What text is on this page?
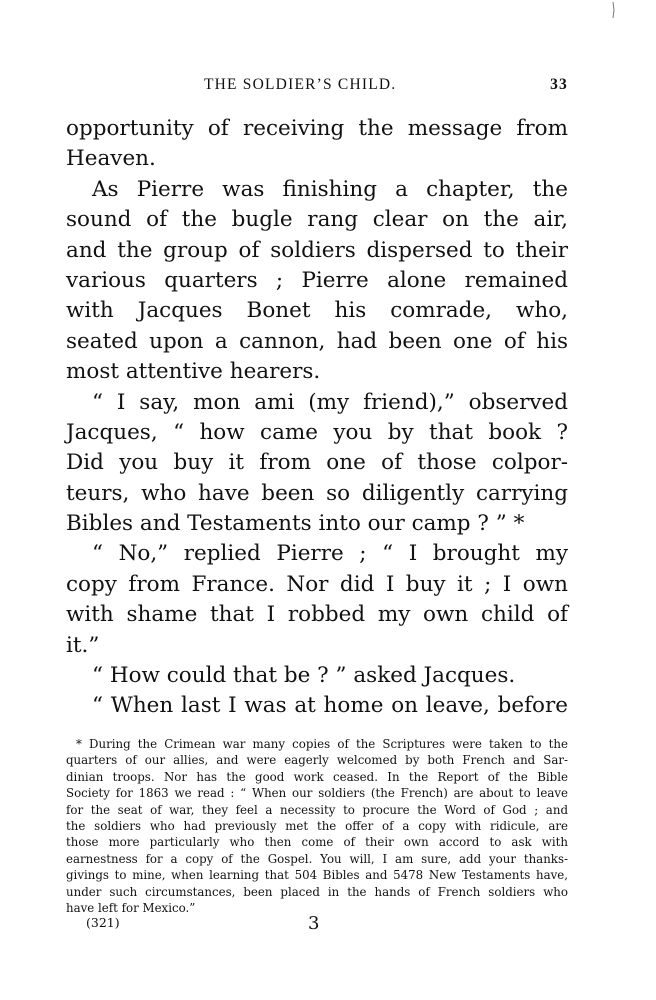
THE SOLDIER’S CHILD.	33
opportunity of receiving the message from
Heaven.
As Pierre was finishing a chapter, the
sound of the bugle rang clear on the air,
and the group of soldiers dispersed to their
various quarters ; Pierre alone remained
with Jacques Bonet his comrade, who,
seated upon a cannon, had been one of his
most attentive hearers.
“ I say, mon ami (my friend),” observed
Jacques, “ how came you by that book ?
Did you buy it from one of those colpor-
teurs, who have been so diligently carrying
Bibles and Testaments into our camp ? ” *
“ No,” replied Pierre ; “ I brought my
copy from France. Nor did I buy it ; I own
with shame that I robbed my own child of
it.”
“ How could that be ? ” asked Jacques.
“ When last I was at home on leave, before
* During the Crimean war many copies of the Scriptures were taken to the
quarters of our allies, and were eagerly welcomed by both French and Sar-
dinian troops. Nor has the good work ceased. In the Report of the Bible
Society for 1863 we read : “ When our soldiers (the French) are about to leave
for the seat of war, they feel a necessity to procure the Word of God ; and
the soldiers who had previously met the offer of a copy with ridicule, are
those more particularly who then come of their own accord to ask with
earnestness for a copy of the Gospel. You will, I am sure, add your thanks-
givings to mine, when learning that 504 Bibles and 5478 New Testaments have,
under such circumstances, been placed in the hands of French soldiers who
have left for Mexico.”
(321)	3
